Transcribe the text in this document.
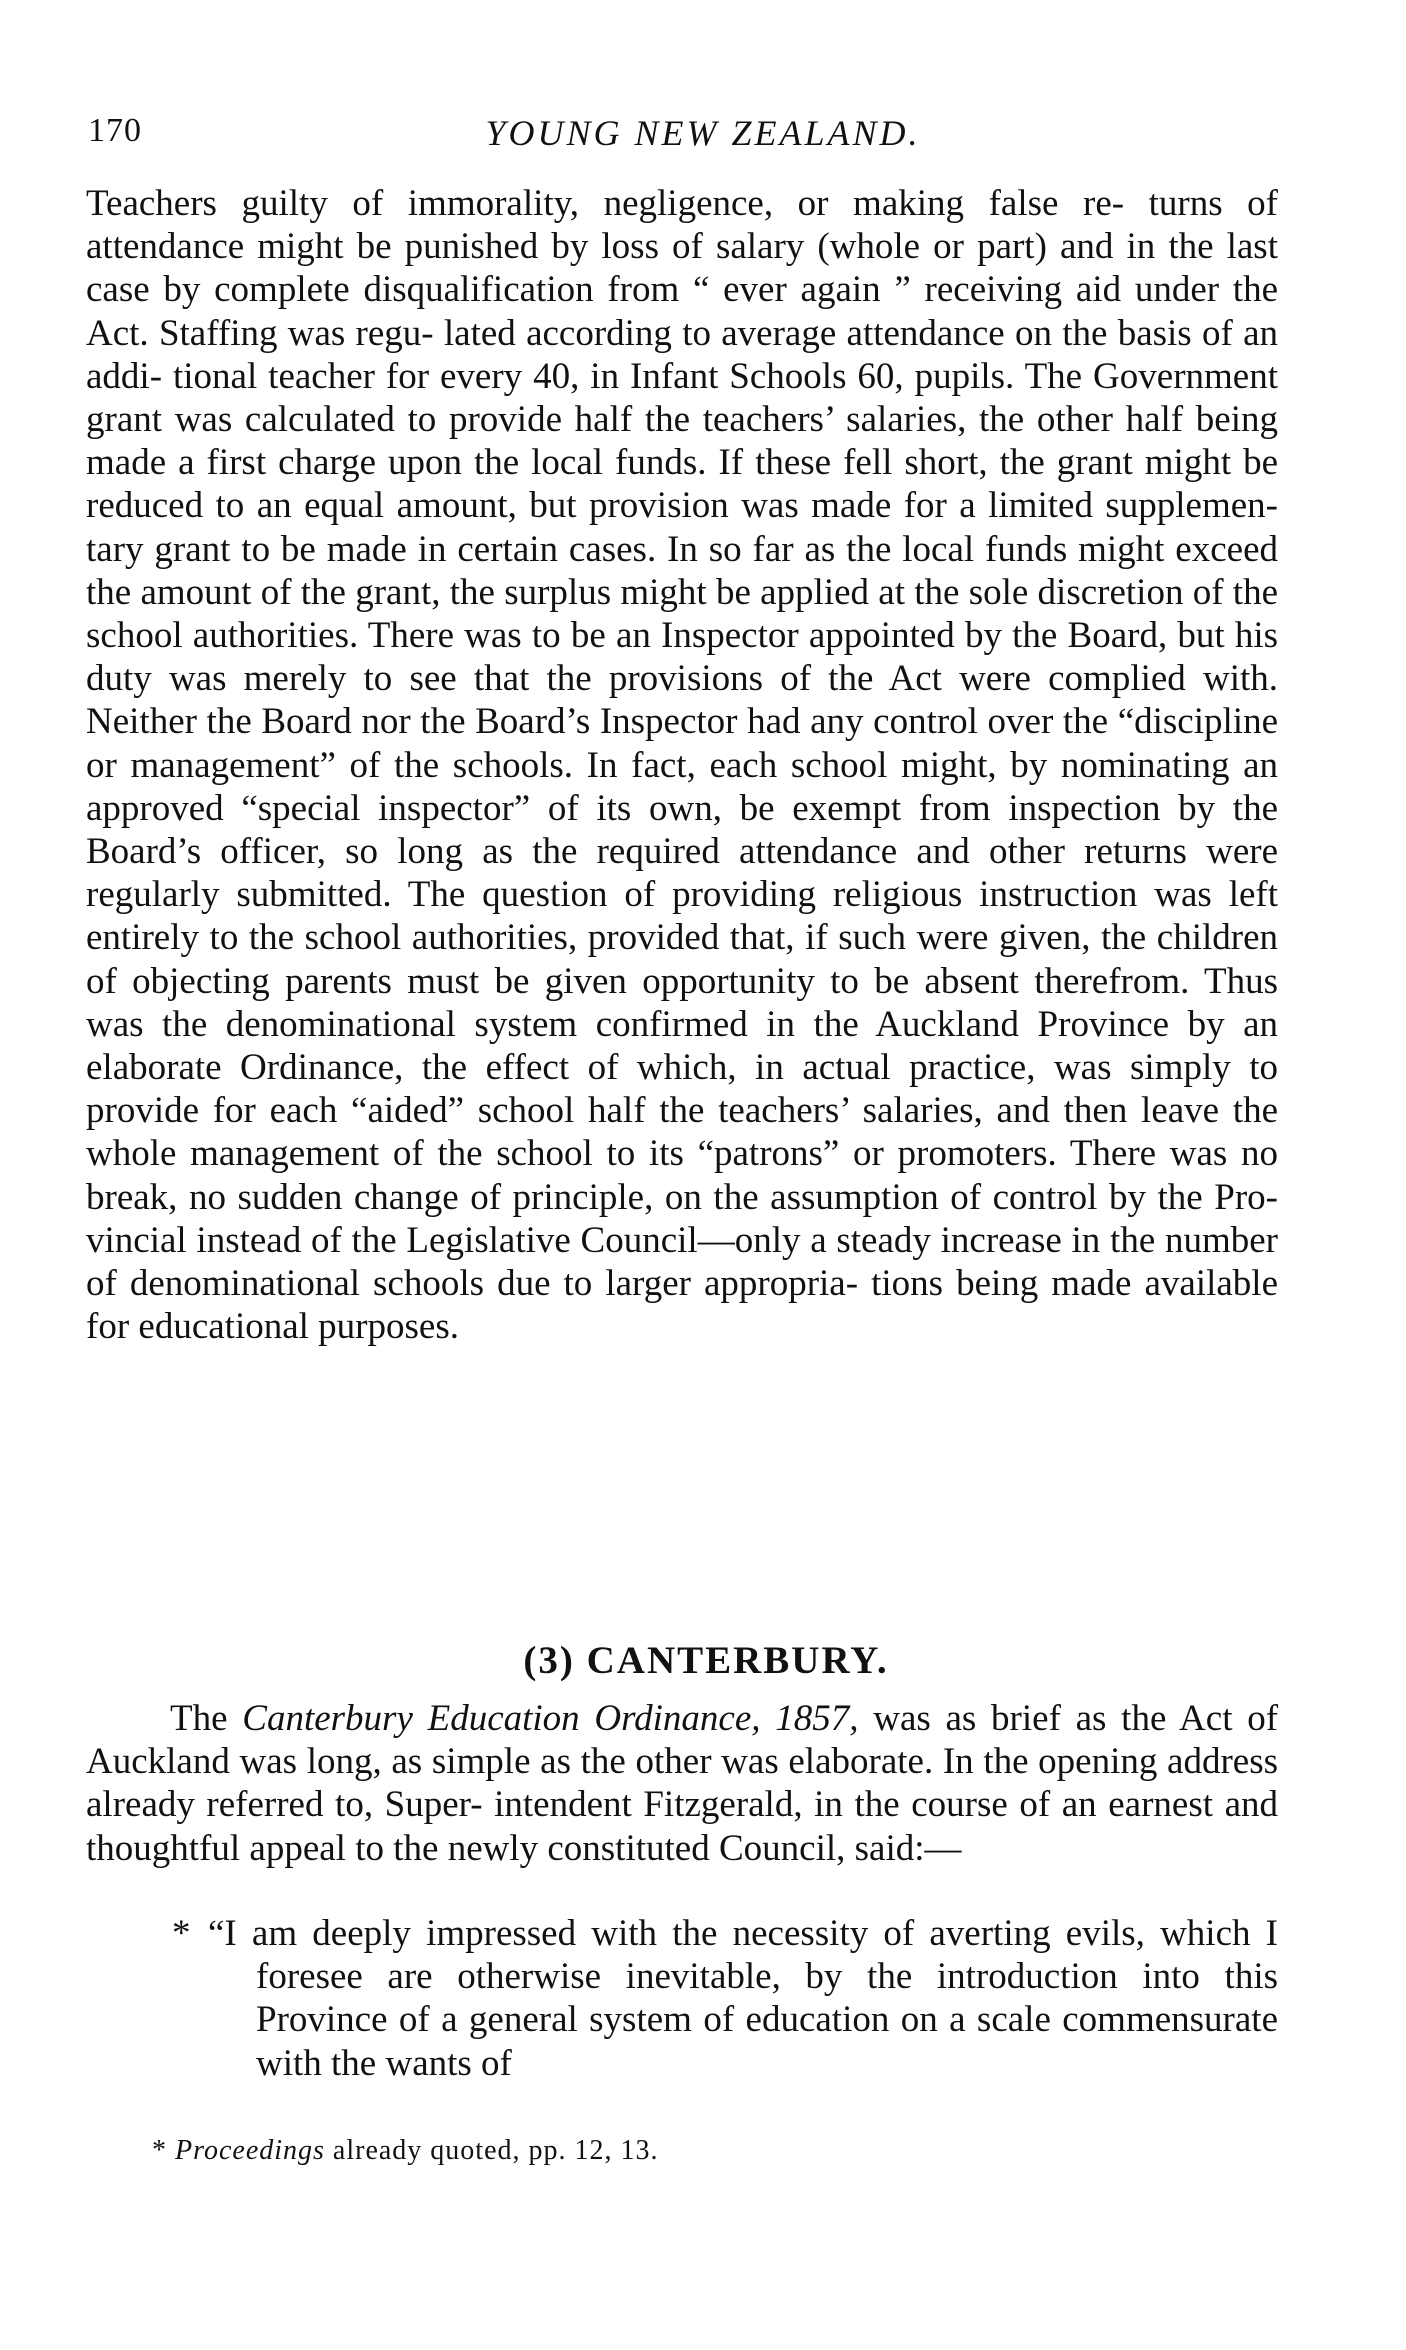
170	YOUNG NEW ZEALAND.

Teachers guilty of immorality, negligence, or making false re- turns of attendance might be punished by loss of salary (whole or part) and in the last case by complete disqualification from “ ever again ” receiving aid under the Act. Staffing was regu- lated according to average attendance on the basis of an addi- tional teacher for every 40, in Infant Schools 60, pupils. The Government grant was calculated to provide half the teachers’ salaries, the other half being made a first charge upon the local funds. If these fell short, the grant might be reduced to an equal amount, but provision was made for a limited supplemen- tary grant to be made in certain cases. In so far as the local funds might exceed the amount of the grant, the surplus might be applied at the sole discretion of the school authorities. There was to be an Inspector appointed by the Board, but his duty was merely to see that the provisions of the Act were complied with. Neither the Board nor the Board’s Inspector had any control over the “discipline or management” of the schools. In fact, each school might, by nominating an approved “special inspector” of its own, be exempt from inspection by the Board’s officer, so long as the required attendance and other returns were regularly submitted. The question of providing religious instruction was left entirely to the school authorities, provided that, if such were given, the children of objecting parents must be given opportunity to be absent therefrom. Thus was the denominational system confirmed in the Auckland Province by an elaborate Ordinance, the effect of which, in actual practice, was simply to provide for each “aided” school half the teachers’ salaries, and then leave the whole management of the school to its “patrons” or promoters. There was no break, no sudden change of principle, on the assumption of control by the Pro- vincial instead of the Legislative Council—only a steady increase in the number of denominational schools due to larger appropria- tions being made available for educational purposes.

(3) CANTERBURY.

The Canterbury Education Ordinance, 1857, was as brief as the Act of Auckland was long, as simple as the other was elaborate. In the opening address already referred to, Super- intendent Fitzgerald, in the course of an earnest and thoughtful appeal to the newly constituted Council, said:—

* “I am deeply impressed with the necessity of averting evils, which I foresee are otherwise inevitable, by the introduction into this Province of a general system of education on a scale commensurate with the wants of

* Proceedings already quoted, pp. 12, 13.
